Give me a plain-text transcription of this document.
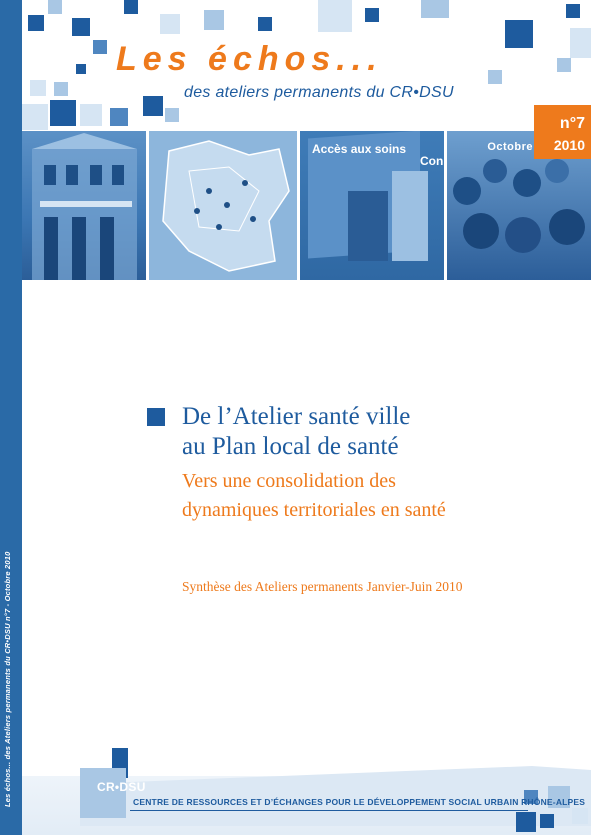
Les échos... des Ateliers permanents du CR•DSU n°7 - Octobre 2010
Les échos...
des ateliers permanents du CR•DSU
Accès aux soins
Con
n°7
2010
Octobre
De l’Atelier santé ville
au Plan local de santé
Vers une consolidation des
dynamiques territoriales en santé
Synthèse des Ateliers permanents Janvier-Juin 2010
CR•DSU
CENTRE DE RESSOURCES ET D’ÉCHANGES POUR LE DÉVELOPPEMENT SOCIAL URBAIN RHÔNE-ALPES
